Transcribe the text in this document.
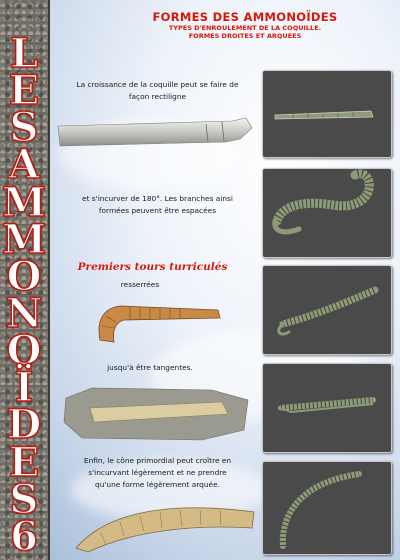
L
E
S
A
M
M
O
N
O
Ï
D
E
S
6
FORMES DES AMMONOÏDES
TYPES D'ENROULEMENT DE LA COQUILLE.
FORMES DROITES ET ARQUEES
La croissance de la coquille peut se faire de
façon rectiligne
et s'incurver de 180°. Les branches ainsi
formées peuvent être espacées
Premiers tours turriculés
resserrées
jusqu'à être tangentes.
Enfin, le cône primordial peut croître en
s'incurvant légèrement et ne prendre
qu'une forme légèrement arquée.
